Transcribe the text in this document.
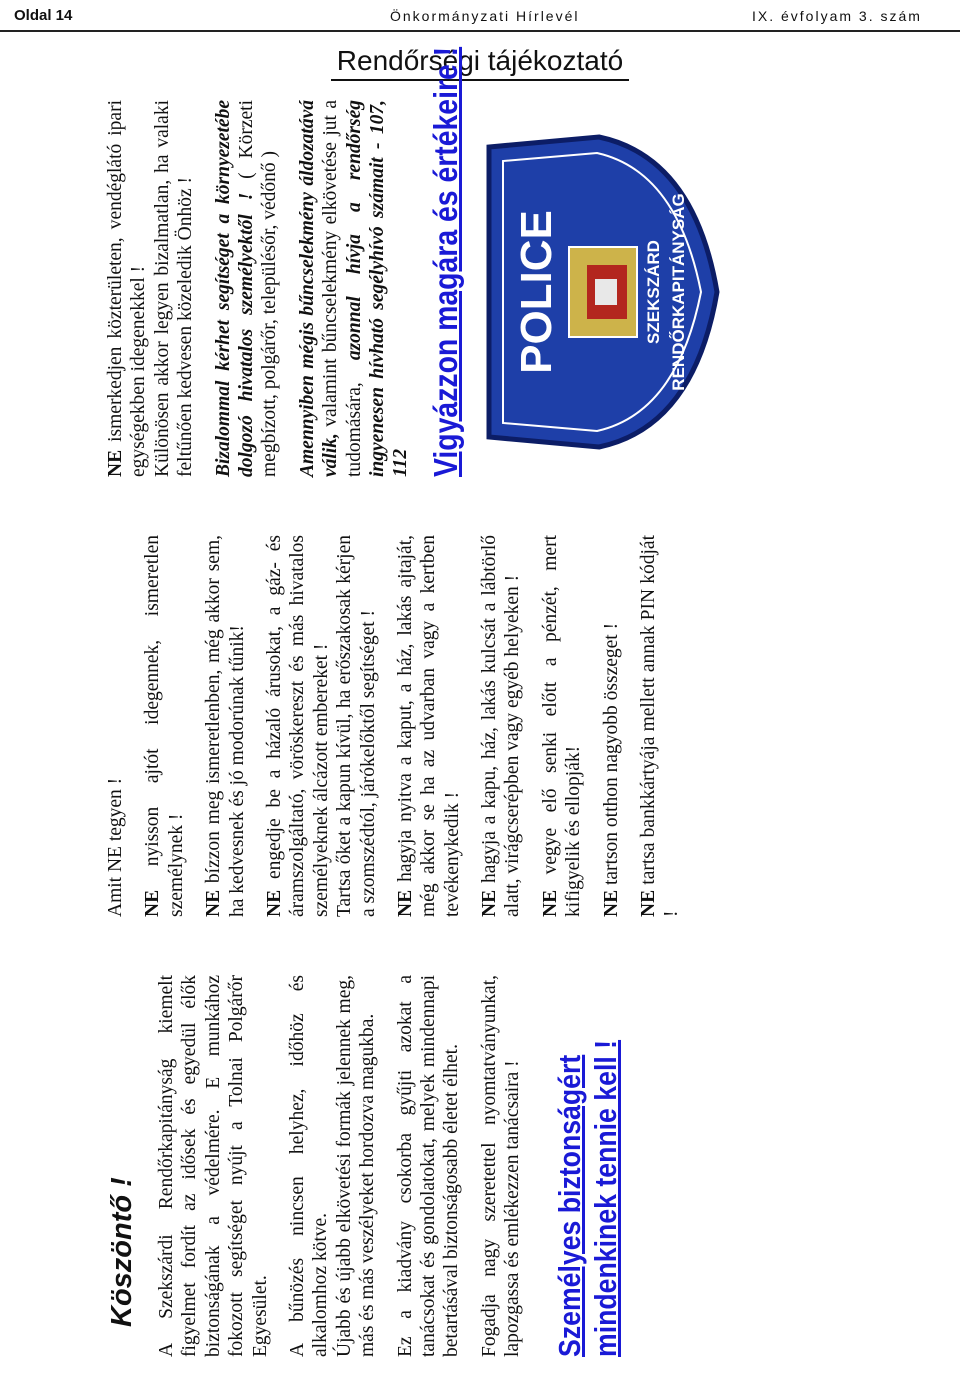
Oldal 14	Önkormányzati Hírlevél	IX. évfolyam 3. szám
Rendőrségi tájékoztató
Köszöntő ! A Szekszárdi Rendőrkapitányság kiemelt figyelmet fordít az idősek és egyedül élők biztonságának a védelmére. E munkához fokozott segítséget nyújt a Tolnai Polgárőr Egyesület. A bűnözés nincsen helyhez, időhöz és alkalomhoz kötve.
Újabb és újabb elkövetési formák jelennek meg, más és más veszélyeket hordozva magukba. Ez a kiadvány csokorba gyűjti azokat a tanácsokat és gondolatokat, melyek mindennapi betartásával biztonságosabb életet élhet. Fogadja nagy szeretettel nyomtatványunkat, lapozgassa és emlékezzen tanácsaira ! Személyes biztonságért mindenkinek tennie kell !

Amit NE tegyen ! NE nyisson ajtót idegennek, ismeretlen személynek ! NE bízzon meg ismeretlenben, még akkor sem, ha kedvesnek és jó modorúnak tűnik! NE engedje be a házaló árusokat, a gáz- és áramszolgáltató, vöröskereszt és más hivatalos személyeknek álcázott embereket !
Tartsa őket a kapun kívül, ha erőszakosak kérjen a szomszédtól, járókelőktől segítséget !

NE hagyja nyitva a kaput, a ház, lakás ajtaját, még akkor se ha az udvarban vagy a kertben tevékenykedik ! NE hagyja a kapu, ház, lakás kulcsát a lábtörlő alatt, virágcserépben vagy egyéb helyeken ! NE vegye elő senki előtt a pénzét, mert kifigyelik és ellopják! NE tartson otthon nagyobb összeget !

NE tartsa bankkártyája mellett annak PIN kódját !

NE ismerkedjen közterületen, vendéglátó ipari egységekben idegenekkel ! Különösen akkor legyen bizalmatlan, ha valaki feltűnően kedvesen közeledik Önhöz ! Bizalommal kérhet segítséget a környezetébe dolgozó hivatalos személyektől ! ( Körzeti megbízott, polgárőr, településőr, védőnő ) Amennyiben mégis bűncselekmény áldozatává válik, valamint bűncselekmény elkövetése jut a tudomására, azonnal hívja a rendőrség ingyenesen hívható segélyhívó számait - 107, 112 Vigyázzon magára és értékeire ! POLICE	SZEKSZÁRD RENDŐRKAPITÁNYSÁG
